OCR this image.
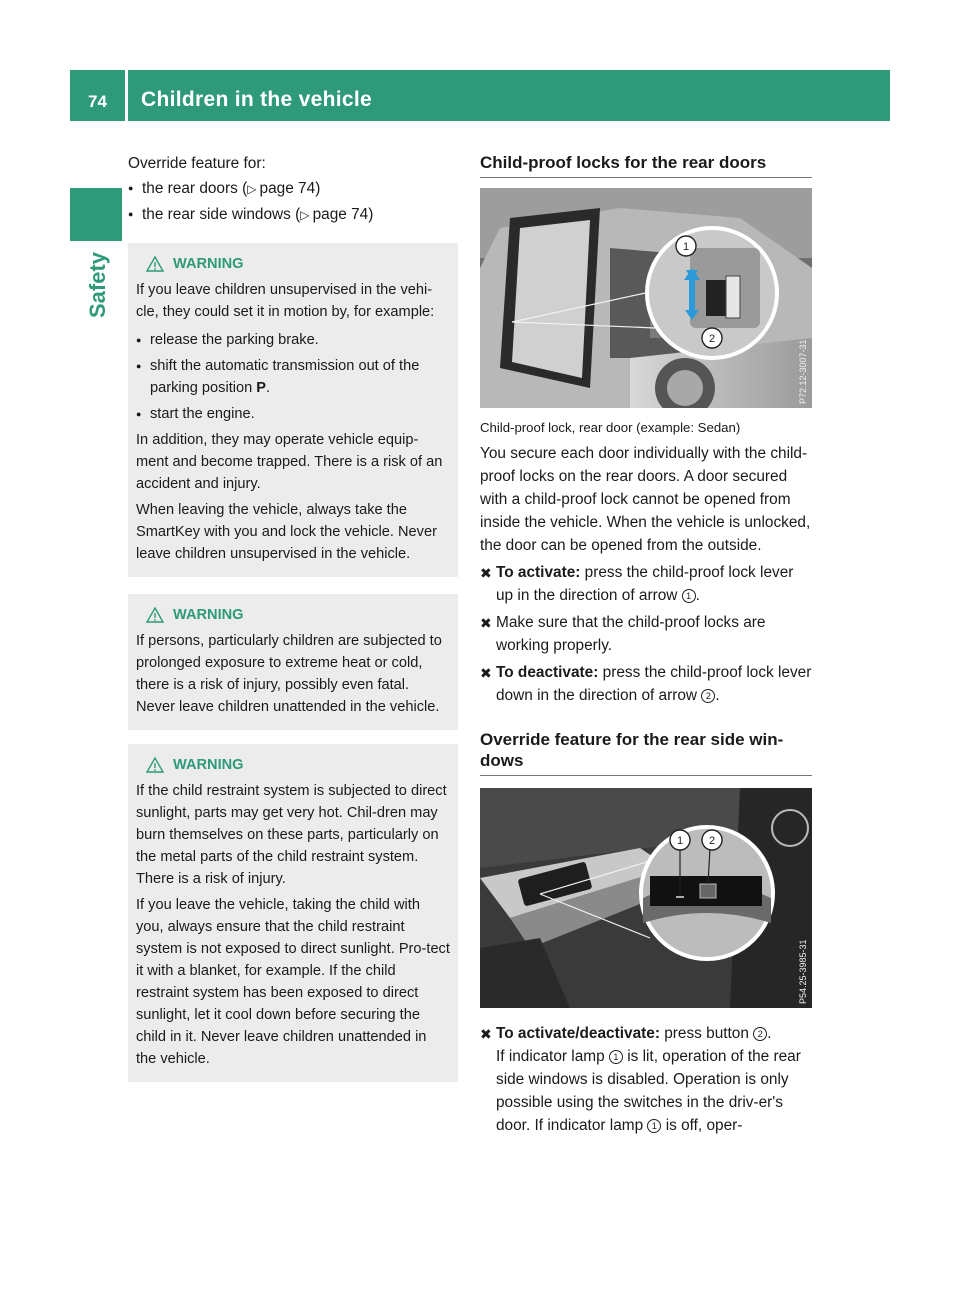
74 Children in the vehicle
Safety

Override feature for:

● the rear doors (▷  page 74)

● the rear side windows (▷  page 74)

WARNING

If you leave children unsupervised in the vehi-cle, they could set it in motion by, for example:

● release the parking brake.

● shift the automatic transmission out of the parking position P.

● start the engine.

In addition, they may operate vehicle equip-ment and become trapped. There is a risk of an accident and injury.

When leaving the vehicle, always take the SmartKey with you and lock the vehicle. Never leave children unsupervised in the vehicle.

WARNING

If persons, particularly children are subjected to prolonged exposure to extreme heat or cold, there is a risk of injury, possibly even fatal. Never leave children unattended in the vehicle.

WARNING

If the child restraint system is subjected to direct sunlight, parts may get very hot. Chil-dren may burn themselves on these parts, particularly on the metal parts of the child restraint system. There is a risk of injury.

If you leave the vehicle, taking the child with you, always ensure that the child restraint system is not exposed to direct sunlight. Pro-tect it with a blanket, for example. If the child restraint system has been exposed to direct sunlight, let it cool down before securing the child in it. Never leave children unattended in the vehicle.

Child-proof locks for the rear doors
1
2
P72.12-3007-31

Child-proof lock, rear door (example: Sedan)

You secure each door individually with the child-proof locks on the rear doors. A door secured with a child-proof lock cannot be opened from inside the vehicle. When the vehicle is unlocked, the door can be opened from the outside.

✖ To activate: press the child-proof lock lever up in the direction of arrow 1 .

✖ Make sure that the child-proof locks are working properly.

✖ To deactivate: press the child-proof lock lever down in the direction of arrow 2 .

Override feature for the rear side win-dows
1 2
P54.25-3985-31

✖ To activate/deactivate: press button 2 .
If indicator lamp 1 is lit, operation of the rear side windows is disabled. Operation is only possible using the switches in the driv-er's door. If indicator lamp 1 is off, oper-
